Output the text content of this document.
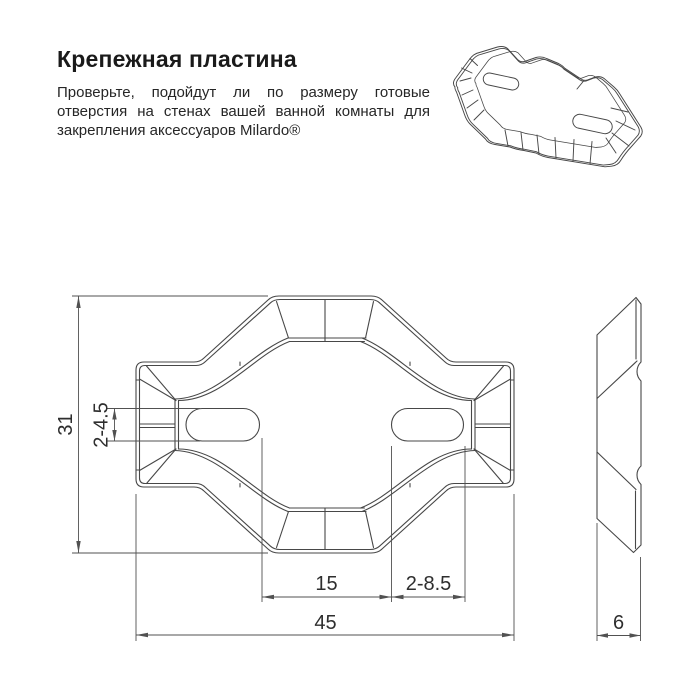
Крепежная пластина

Проверьте, подойдут ли по размеру готовые отверстия на стенах вашей ванной комнаты для закрепления аксессуаров Milardo®

31 2-4.5
15	2-8.5
45	6
